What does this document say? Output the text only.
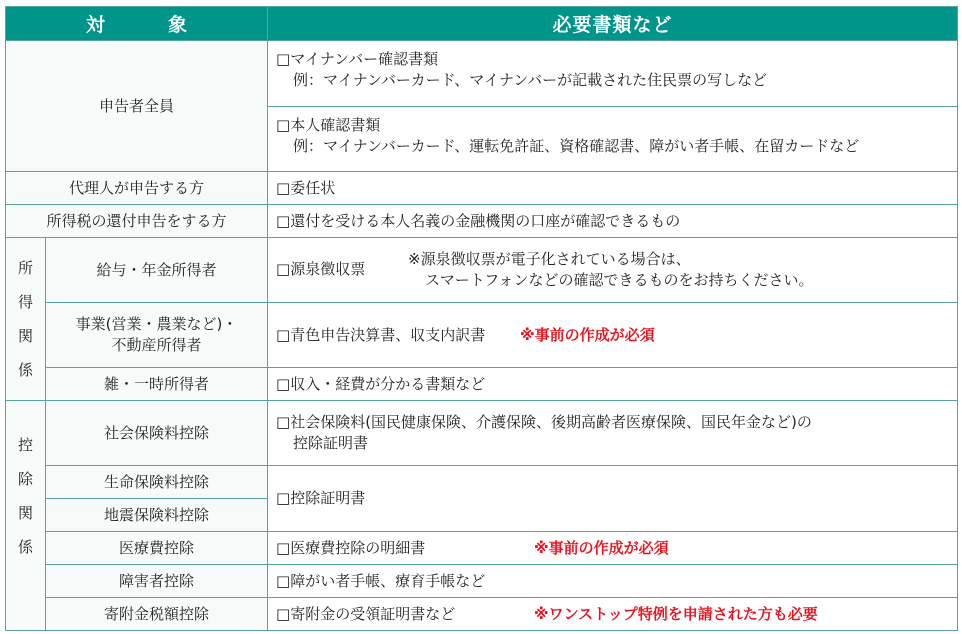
対　象		必要書類など
申告者全員		□マイナンバー確認書類
例：マイナンバーカード、マイナンバーが記載された住民票の写しなど
□本人確認書類
例：マイナンバーカード、運転免許証、資格確認書、障がい者手帳、在留カードなど

代理人が申告する方		□委任状
所得税の還付申告をする方		□還付を受ける本人名義の金融機関の口座が確認できるもの

所
得
関
係	給与・年金所得者	□源泉徴収票
※源泉徴収票が電子化されている場合は、
スマートフォンなどの確認できるものをお持ちください。

	事業(営業・農業など)・
不動産所得者	□青色申告決算書、収支内訳書 ※事前の作成が必須
	雑・一時所得者	□収入・経費が分かる書類など

控
除
関
係	社会保険料控除	□社会保険料(国民健康保険、介護保険、後期高齢者医療保険、国民年金など)の
控除証明書

	生命保険料控除	□控除証明書
	地震保険料控除	
	医療費控除	□医療費控除の明細書 ※事前の作成が必須
	障害者控除	□障がい者手帳、療育手帳など
	寄附金税額控除	□寄附金の受領証明書など ※ワンストップ特例を申請された方も必要
